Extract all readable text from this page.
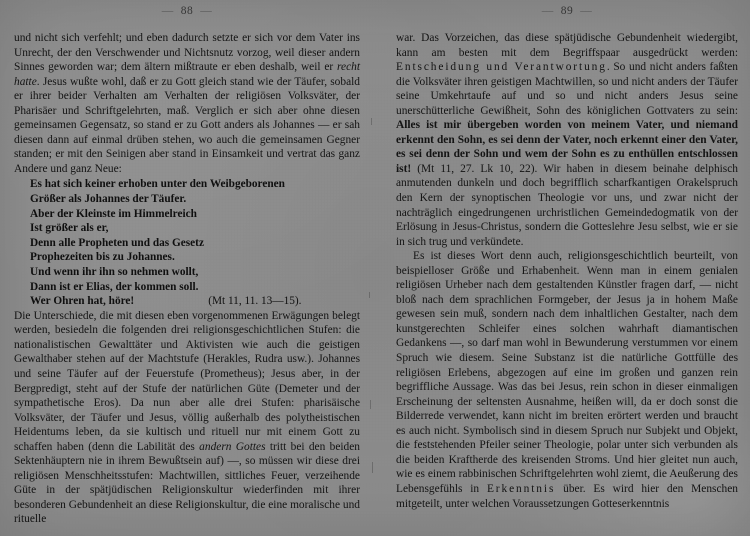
— 88 —

und nicht sich verfehlt; und eben dadurch setzte er sich vor dem Vater ins Unrecht, der den Verschwender und Nichtsnutz vorzog, weil dieser andern Sinnes geworden war; dem ältern mißtraute er eben deshalb, weil er recht hatte. Jesus wußte wohl, daß er zu Gott gleich stand wie der Täufer, sobald er ihrer beider Verhalten am Verhalten der religiösen Volksväter, der Pharisäer und Schriftgelehrten, maß. Verglich er sich aber ohne diesen gemeinsamen Gegensatz, so stand er zu Gott anders als Johannes — er sah diesen dann auf einmal drüben stehen, wo auch die gemeinsamen Gegner standen; er mit den Seinigen aber stand in Einsamkeit und vertrat das ganz Andere und ganz Neue:

Es hat sich keiner erhoben unter den Weibgeborenen
Größer als Johannes der Täufer.
Aber der Kleinste im Himmelreich
Ist größer als er,
Denn alle Propheten und das Gesetz
Prophezeiten bis zu Johannes.
Und wenn ihr ihn so nehmen wollt,
Dann ist er Elias, der kommen soll.
Wer Ohren hat, höre!	(Mt 11, 11. 13—15).

Die Unterschiede, die mit diesen eben vorgenommenen Erwägungen belegt werden, besiedeln die folgenden drei religionsgeschichtlichen Stufen: die nationalistischen Gewalttäter und Aktivisten wie auch die geistigen Gewalthaber stehen auf der Machtstufe (Herakles, Rudra usw.). Johannes und seine Täufer auf der Feuerstufe (Prometheus); Jesus aber, in der Bergpredigt, steht auf der Stufe der natürlichen Güte (Demeter und der sympathetische Eros). Da nun aber alle drei Stufen: pharisäische Volksväter, der Täufer und Jesus, völlig außerhalb des polytheistischen Heidentums leben, da sie kultisch und rituell nur mit einem Gott zu schaffen haben (denn die Labilität des andern Gottes tritt bei den beiden Sektenhäuptern nie in ihrem Bewußtsein auf) —, so müssen wir diese drei religiösen Menschheitsstufen: Machtwillen, sittliches Feuer, verzeihende Güte in der spätjüdischen Religionskultur wiederfinden mit ihrer besonderen Gebundenheit an diese Religionskultur, die eine moralische und rituelle

— 89 —

war. Das Vorzeichen, das diese spätjüdische Gebundenheit wiedergibt, kann am besten mit dem Begriffspaar ausgedrückt werden: Entscheidung und Verantwortung. So und nicht anders faßten die Volksväter ihren geistigen Machtwillen, so und nicht anders der Täufer seine Umkehrtaufe auf und so und nicht anders Jesus seine unerschütterliche Gewißheit, Sohn des königlichen Gottvaters zu sein: Alles ist mir übergeben worden von meinem Vater, und niemand erkennt den Sohn, es sei denn der Vater, noch erkennt einer den Vater, es sei denn der Sohn und wem der Sohn es zu enthüllen entschlossen ist! (Mt 11, 27. Lk 10, 22). Wir haben in diesem beinahe delphisch anmutenden dunkeln und doch begrifflich scharfkantigen Orakelspruch den Kern der synoptischen Theologie vor uns, und zwar nicht der nachträglich eingedrungenen urchristlichen Gemeindedogmatik von der Erlösung in Jesus-Christus, sondern die Gotteslehre Jesu selbst, wie er sie in sich trug und verkündete.

Es ist dieses Wort denn auch, religionsgeschichtlich beurteilt, von beispielloser Größe und Erhabenheit. Wenn man in einem genialen religiösen Urheber nach dem gestaltenden Künstler fragen darf, — nicht bloß nach dem sprachlichen Formgeber, der Jesus ja in hohem Maße gewesen sein muß, sondern nach dem inhaltlichen Gestalter, nach dem kunstgerechten Schleifer eines solchen wahrhaft diamantischen Gedankens —, so darf man wohl in Bewunderung verstummen vor einem Spruch wie diesem. Seine Substanz ist die natürliche Gottfülle des religiösen Erlebens, abgezogen auf eine im großen und ganzen rein begriffliche Aussage. Was das bei Jesus, rein schon in dieser einmaligen Erscheinung der seltensten Ausnahme, heißen will, da er doch sonst die Bilderrede verwendet, kann nicht im breiten erörtert werden und braucht es auch nicht. Symbolisch sind in diesem Spruch nur Subjekt und Objekt, die feststehenden Pfeiler seiner Theologie, polar unter sich verbunden als die beiden Kraftherde des kreisenden Stroms. Und hier gleitet nun auch, wie es einem rabbinischen Schriftgelehrten wohl ziemt, die Aeußerung des Lebensgefühls in Erkenntnis über. Es wird hier den Menschen mitgeteilt, unter welchen Voraussetzungen Gotteserkenntnis
